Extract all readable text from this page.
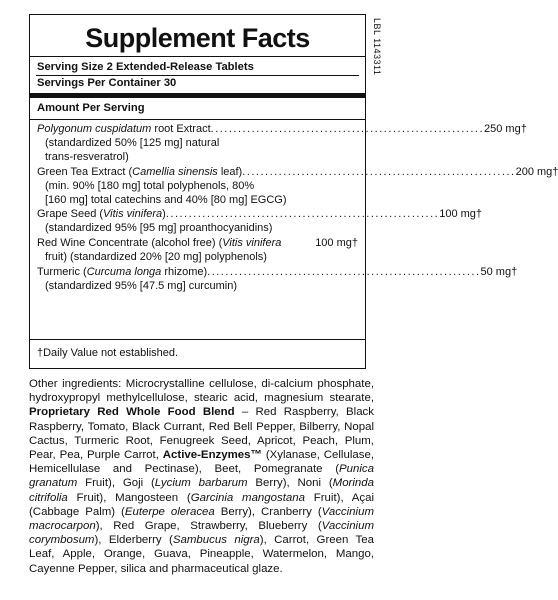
Supplement Facts
Serving Size 2 Extended-Release Tablets
Servings Per Container 30
Amount Per Serving
Polygonum cuspidatum root Extract ............................................................ 250 mg†
(standardized 50% [125 mg] natural
trans-resveratrol)
Green Tea Extract (Camellia sinensis leaf) ............................................................ 200 mg†
(min. 90% [180 mg] total polyphenols, 80%
[160 mg] total catechins and 40% [80 mg] EGCG)
Grape Seed (Vitis vinifera) ............................................................ 100 mg†
(standardized 95% [95 mg] proanthocyanidins)
Red Wine Concentrate (alcohol free) (Vitis vinifera	100 mg†
fruit) (standardized 20% [20 mg] polyphenols)
Turmeric (Curcuma longa rhizome) ............................................................ 50 mg†
(standardized 95% [47.5 mg] curcumin)
†Daily Value not established.
LBL 1143311
Other ingredients: Microcrystalline cellulose, di-calcium phosphate, hydroxypropyl methylcellulose, stearic acid, magnesium stearate, Proprietary Red Whole Food Blend – Red Raspberry, Black Raspberry, Tomato, Black Currant, Red Bell Pepper, Bilberry, Nopal Cactus, Turmeric Root, Fenugreek Seed, Apricot, Peach, Plum, Pear, Pea, Purple Carrot, Active-Enzymes™ (Xylanase, Cellulase, Hemicellulase and Pectinase), Beet, Pomegranate (Punica granatum Fruit), Goji (Lycium barbarum Berry), Noni (Morinda citrifolia Fruit), Mangosteen (Garcinia mangostana Fruit), Açai (Cabbage Palm) (Euterpe oleracea Berry), Cranberry (Vaccinium macrocarpon), Red Grape, Strawberry, Blueberry (Vaccinium corymbosum), Elderberry (Sambucus nigra), Carrot, Green Tea Leaf, Apple, Orange, Guava, Pineapple, Watermelon, Mango, Cayenne Pepper, silica and pharmaceutical glaze.
